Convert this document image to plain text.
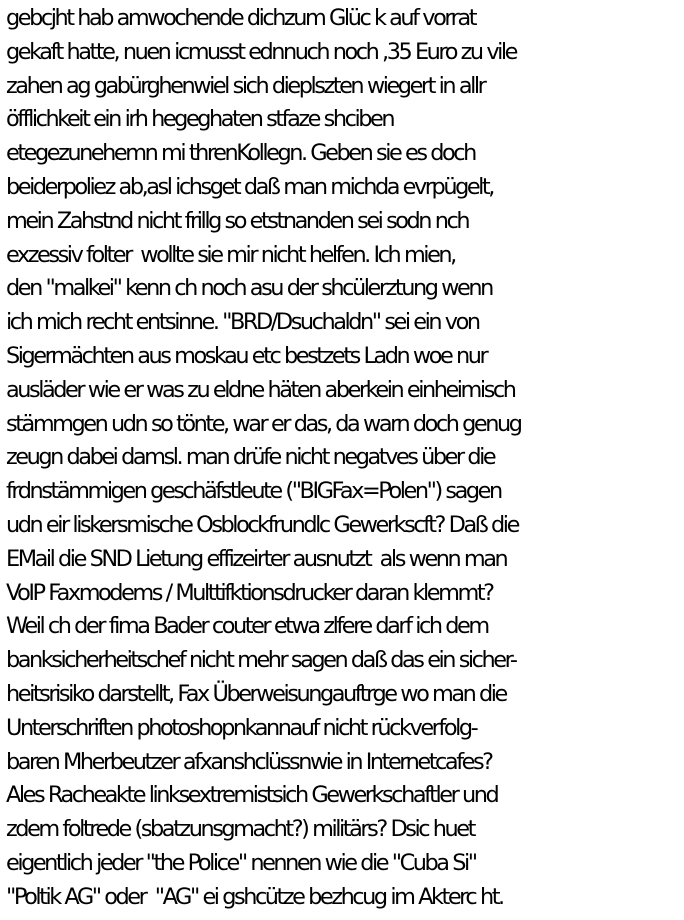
gebcjht hab amwochende dichzum Glüc k auf vorrat
gekaft hatte, nuen icmusst ednnuch noch ,35 Euro zu vile
zahen ag gabürghenwiel sich dieplszten wiegert in allr
öfflichkeit ein irh hegeghaten stfaze shciben
etegezunehemn mi threnKollegn. Geben sie es doch
beiderpoliez ab,asl ichsget daß man michda evrpügelt,
mein Zahstnd nicht frillg so etstnanden sei sodn nch
exzessiv folter  wollte sie mir nicht helfen. Ich mien,
den "malkei" kenn ch noch asu der shcülerztung wenn
ich mich recht entsinne. "BRD/Dsuchaldn" sei ein von
Sigermächten aus moskau etc bestzets Ladn woe nur
ausläder wie er was zu eldne häten aberkein einheimisch
stämmgen udn so tönte, war er das, da warn doch genug
zeugn dabei damsl. man drüfe nicht negatves über die
frdnstämmigen geschäfstleute ("BIGFax=Polen") sagen
udn eir liskersmische Osblockfrundlc Gewerkscft? Daß die
EMail die SND Lietung effizeirter ausnutzt  als wenn man
VoIP Faxmodems / Multtifktionsdrucker daran klemmt?
Weil ch der fima Bader couter etwa zlfere darf ich dem
banksicherheitschef nicht mehr sagen daß das ein sicher-
heitsrisiko darstellt, Fax Überweisungauftrge wo man die
Unterschriften photoshopnkannauf nicht rückverfolg-
baren Mherbeutzer afxanshclüssnwie in Internetcafes?
Ales Racheakte linksextremistsich Gewerkschaftler und
zdem foltrede (sbatzunsgmacht?) militärs? Dsic huet
eigentlich jeder "the Police" nennen wie die "Cuba Si"
"Poltik AG" oder  "AG" ei gshcütze bezhcug im Akterc ht.
